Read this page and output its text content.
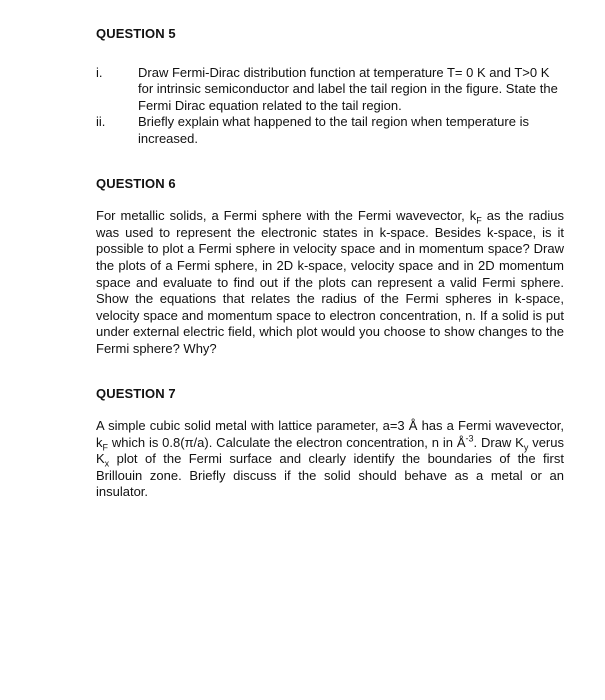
QUESTION 5
i.	Draw Fermi-Dirac distribution function at temperature T= 0 K and T>0 K for intrinsic semiconductor and label the tail region in the figure. State the Fermi Dirac equation related to the tail region.
ii.	Briefly explain what happened to the tail region when temperature is increased.
QUESTION 6
For metallic solids, a Fermi sphere with the Fermi wavevector, $k_F$ as the radius was used to represent the electronic states in k-space. Besides k-space, is it possible to plot a Fermi sphere in velocity space and in momentum space? Draw the plots of a Fermi sphere, in 2D k-space, velocity space and in 2D momentum space and evaluate to find out if the plots can represent a valid Fermi sphere. Show the equations that relates the radius of the Fermi spheres in k-space, velocity space and momentum space to electron concentration, n. If a solid is put under external electric field, which plot would you choose to show changes to the Fermi sphere? Why?
QUESTION 7
A simple cubic solid metal with lattice parameter, a=3 Å has a Fermi wavevector, $k_F$ which is 0.8(π/a). Calculate the electron concentration, n in $Å^{-3}$. Draw $K_y$ verus $K_x$ plot of the Fermi surface and clearly identify the boundaries of the first Brillouin zone. Briefly discuss if the solid should behave as a metal or an insulator.
